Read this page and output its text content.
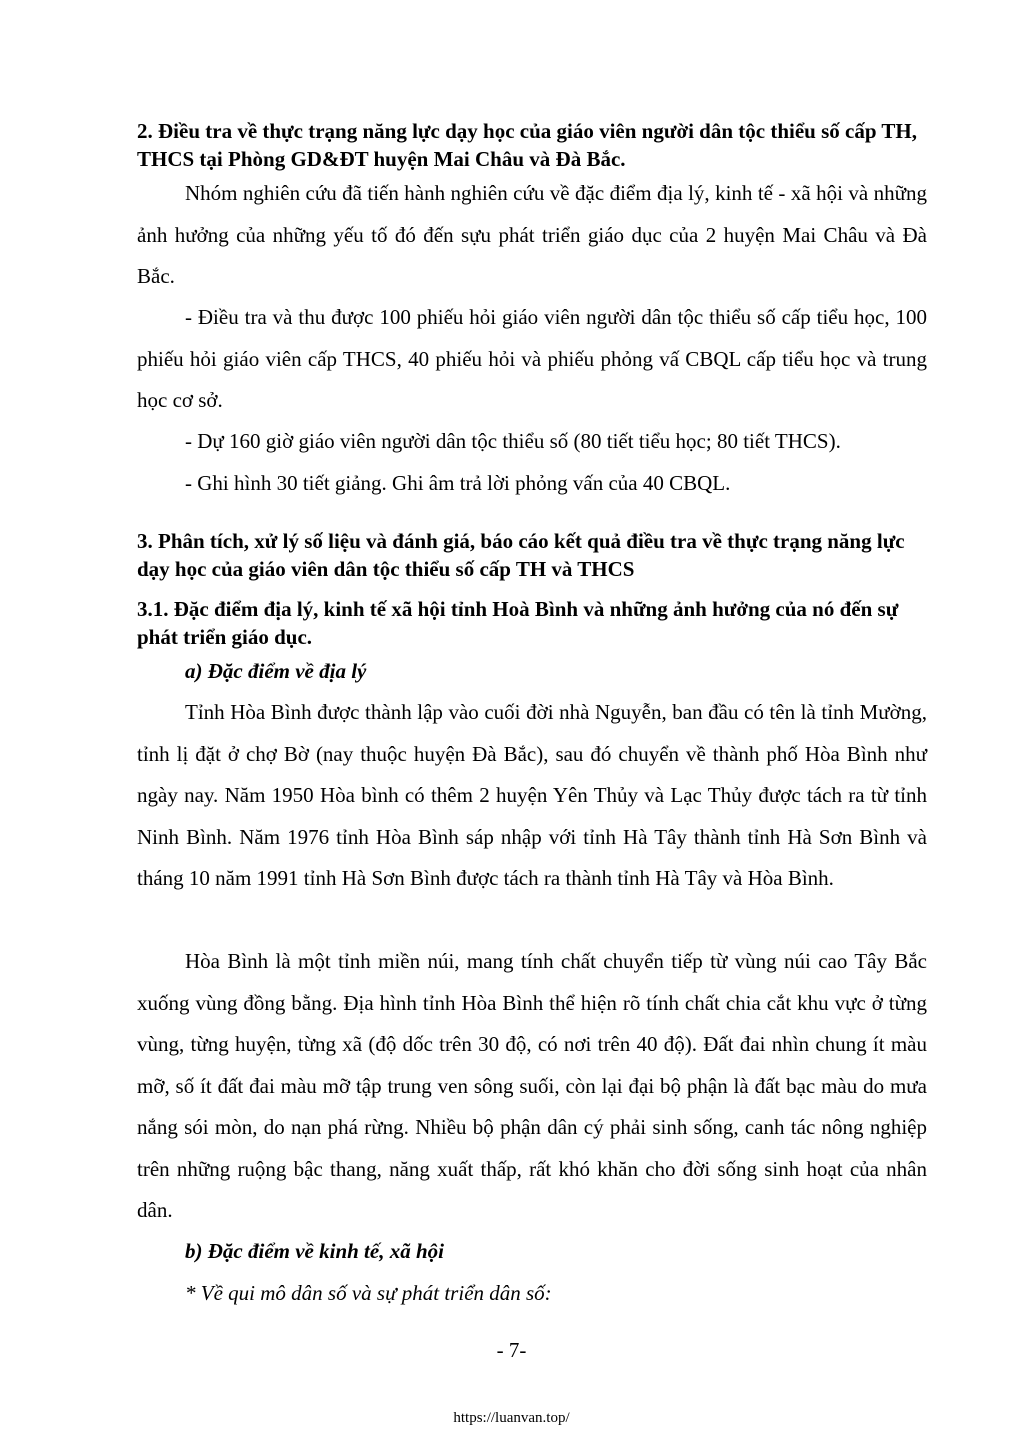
2. Điều tra về thực trạng năng lực dạy học của giáo viên người dân tộc thiểu số cấp TH, THCS tại Phòng GD&ĐT huyện Mai Châu và Đà Bắc.
Nhóm nghiên cứu đã tiến hành nghiên cứu về đặc điểm địa lý, kinh tế - xã hội và những ảnh hưởng của những yếu tố đó đến sựu phát triển giáo dục của 2 huyện Mai Châu và Đà Bắc.
- Điều tra và thu được 100 phiếu hỏi giáo viên người dân tộc thiểu số cấp tiểu học, 100 phiếu hỏi giáo viên cấp THCS, 40 phiếu hỏi và phiếu phỏng vấ CBQL cấp tiểu học và trung học cơ sở.
- Dự 160 giờ giáo viên người dân tộc thiểu số (80 tiết tiểu học; 80 tiết THCS).
- Ghi hình 30 tiết giảng. Ghi âm trả lời phỏng vấn của 40 CBQL.
3. Phân tích, xử lý số liệu và đánh giá, báo cáo kết quả điều tra về thực trạng năng lực dạy học của giáo viên dân tộc thiểu số cấp TH và THCS
3.1. Đặc điểm địa lý, kinh tế xã hội tỉnh Hoà Bình và những ảnh hưởng của nó đến sự phát triển giáo dục.
a) Đặc điểm về địa lý
Tỉnh Hòa Bình được thành lập vào cuối đời nhà Nguyễn, ban đầu có tên là tỉnh Mường, tỉnh lị đặt ở chợ Bờ (nay thuộc huyện Đà Bắc), sau đó chuyển về thành phố Hòa Bình như ngày nay. Năm 1950 Hòa bình có thêm 2 huyện Yên Thủy và Lạc Thủy được tách ra từ tỉnh Ninh Bình. Năm 1976 tỉnh Hòa Bình sáp nhập với tỉnh Hà Tây thành tỉnh Hà Sơn Bình và tháng 10 năm 1991 tỉnh Hà Sơn Bình được tách ra thành tỉnh Hà Tây và Hòa Bình.
Hòa Bình là một tỉnh miền núi, mang tính chất chuyển tiếp từ vùng núi cao Tây Bắc xuống vùng đồng bằng. Địa hình tỉnh Hòa Bình thể hiện rõ tính chất chia cắt khu vực ở từng vùng, từng huyện, từng xã (độ dốc trên 30 độ, có nơi trên 40 độ). Đất đai nhìn chung ít màu mỡ, số ít đất đai màu mỡ tập trung ven sông suối, còn lại đại bộ phận là đất bạc màu do mưa nắng sói mòn, do nạn phá rừng. Nhiều bộ phận dân cý phải sinh sống, canh tác nông nghiệp trên những ruộng bậc thang, năng xuất thấp, rất khó khăn cho đời sống sinh hoạt của nhân dân.
b) Đặc điểm về kinh tế, xã hội
* Về qui mô dân số và sự phát triển dân số:
- 7-
https://luanvan.top/
